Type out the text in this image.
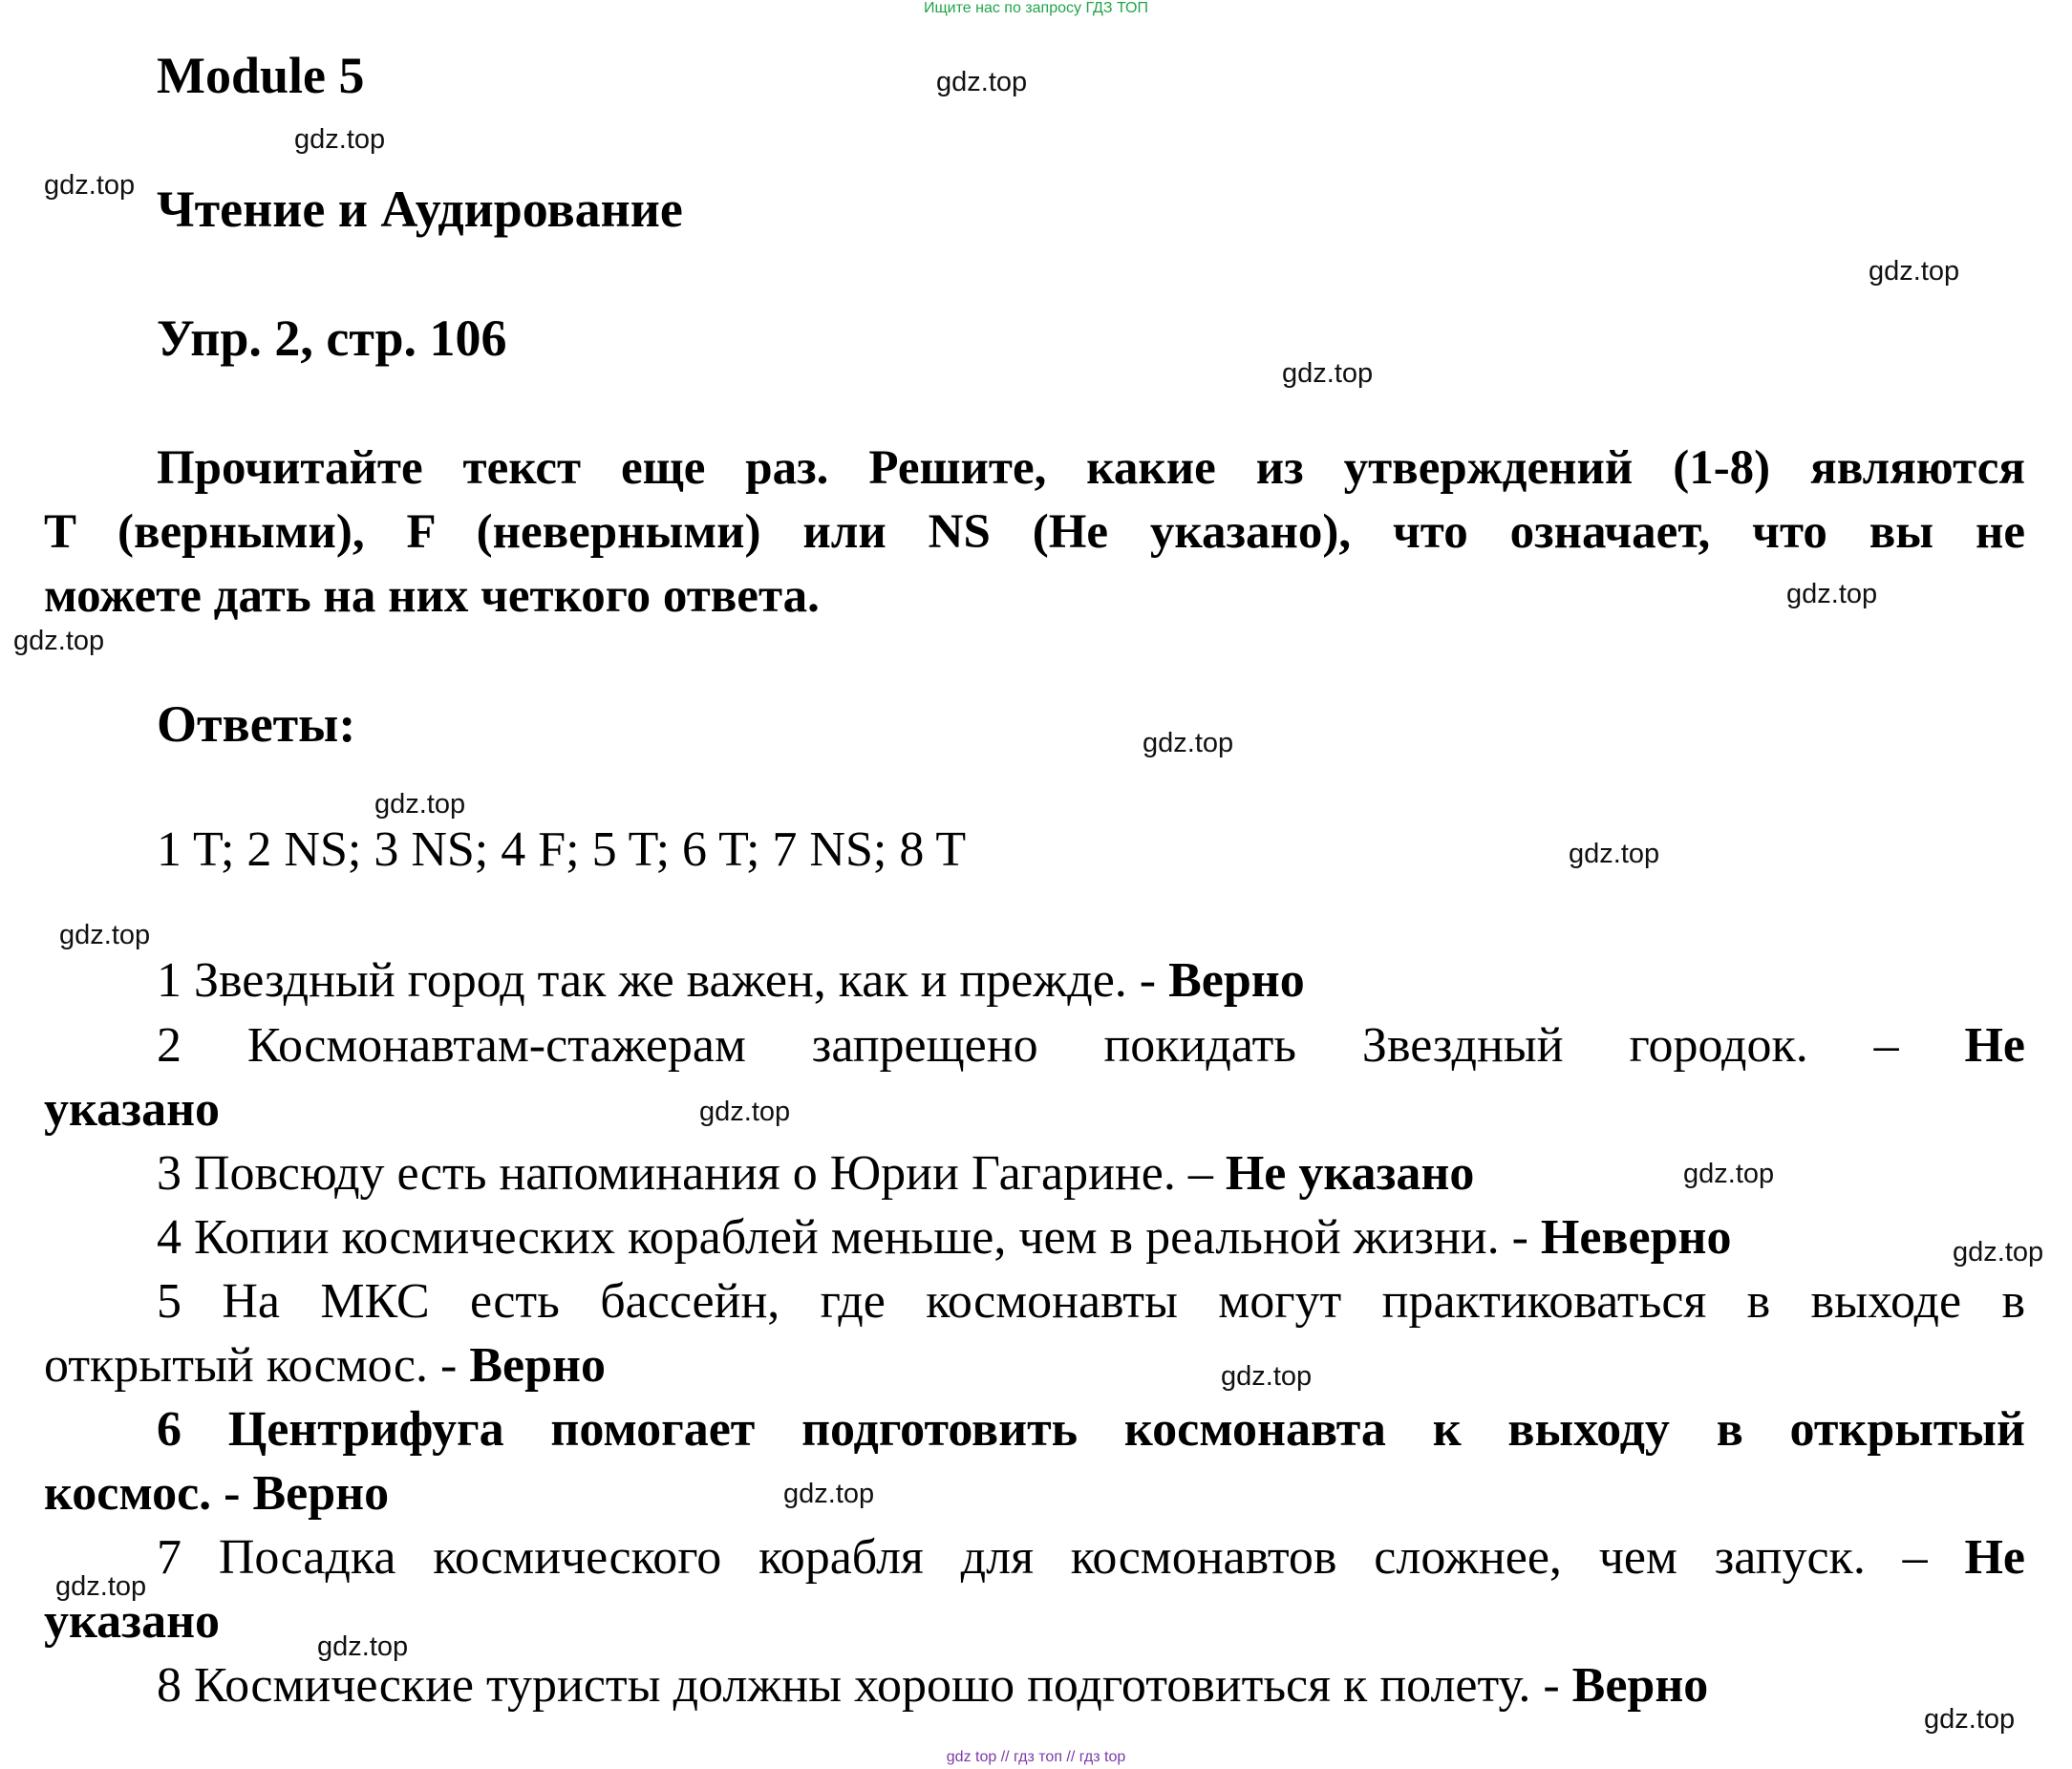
Ищите нас по запросу ГДЗ ТОП
Module 5
Чтение и Аудирование
Упр. 2, стр. 106
Прочитайте текст еще раз. Решите, какие из утверждений (1-8) являются
T (верными), F (неверными) или NS (Не указано), что означает, что вы не
можете дать на них четкого ответа.
Ответы:
1 T; 2 NS; 3 NS; 4 F; 5 T; 6 T; 7 NS; 8 T
1 Звездный город так же важен, как и прежде. - Верно
2 Космонавтам-стажерам запрещено покидать Звездный городок. – Не
указано
3 Повсюду есть напоминания о Юрии Гагарине. – Не указано
4 Копии космических кораблей меньше, чем в реальной жизни. - Неверно
5 На МКС есть бассейн, где космонавты могут практиковаться в выходе в
открытый космос. - Верно
6 Центрифуга помогает подготовить космонавта к выходу в открытый
космос. - Верно
7 Посадка космического корабля для космонавтов сложнее, чем запуск. – Не
указано
8 Космические туристы должны хорошо подготовиться к полету. - Верно
gdz.top
gdz.top
gdz.top
gdz.top
gdz.top
gdz.top
gdz.top
gdz.top
gdz.top
gdz.top
gdz.top
gdz.top
gdz.top
gdz.top
gdz.top
gdz.top
gdz.top
gdz.top
gdz.top
gdz top // гдз топ // гдз top
